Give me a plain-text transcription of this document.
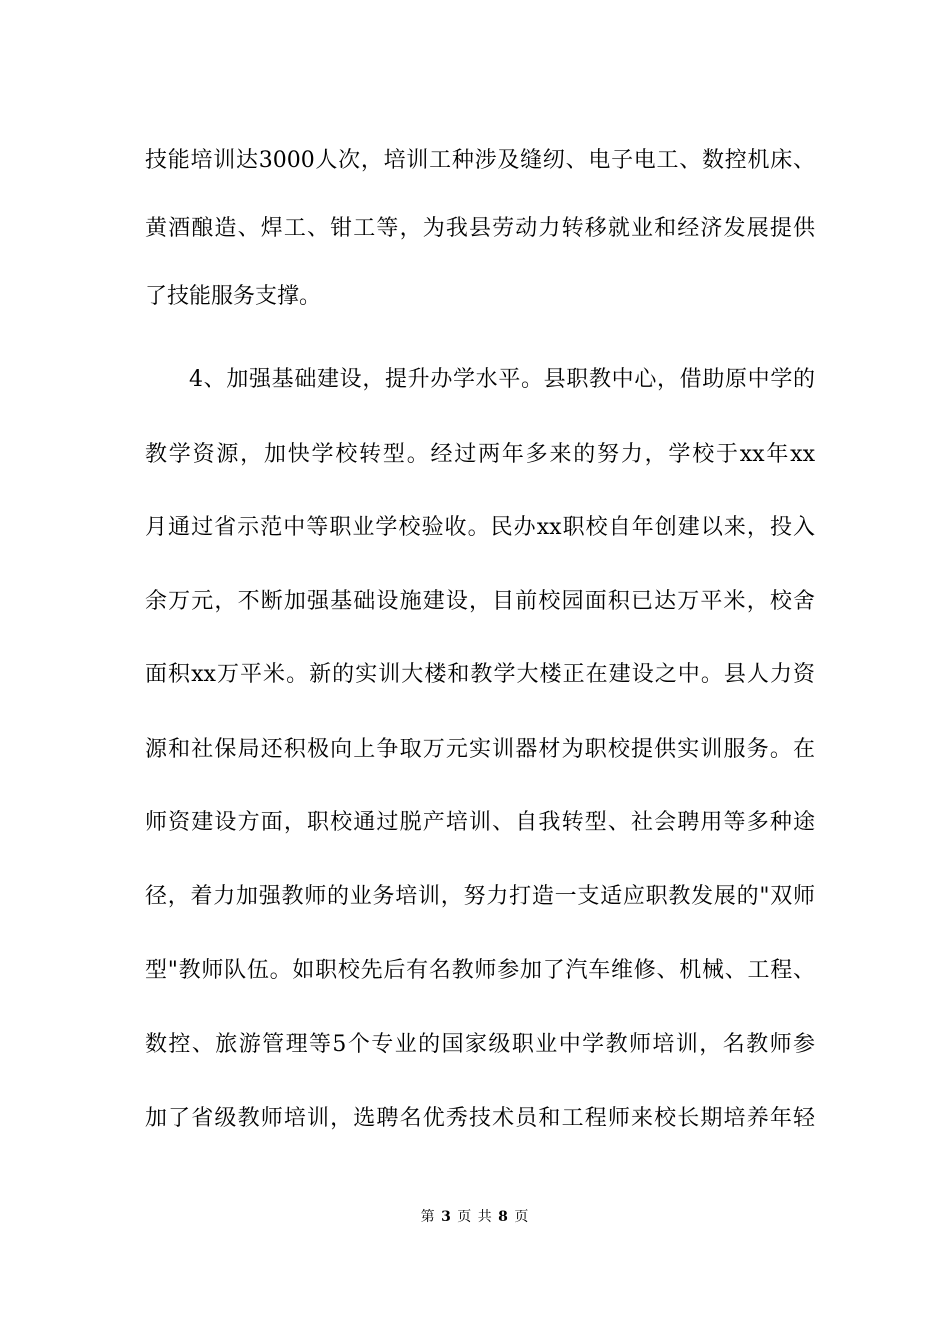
技能培训达3000人次，培训工种涉及缝纫、电子电工、数控机床、
黄酒酿造、焊工、钳工等，为我县劳动力转移就业和经济发展提供
了技能服务支撑。
4、加强基础建设，提升办学水平。县职教中心，借助原中学的
教学资源，加快学校转型。经过两年多来的努力，学校于xx年xx
月通过省示范中等职业学校验收。民办xx职校自年创建以来，投入
余万元，不断加强基础设施建设，目前校园面积已达万平米，校舍
面积xx万平米。新的实训大楼和教学大楼正在建设之中。县人力资
源和社保局还积极向上争取万元实训器材为职校提供实训服务。在
师资建设方面，职校通过脱产培训、自我转型、社会聘用等多种途
径，着力加强教师的业务培训，努力打造一支适应职教发展的"双师
型"教师队伍。如职校先后有名教师参加了汽车维修、机械、工程、
数控、旅游管理等5个专业的国家级职业中学教师培训，名教师参
加了省级教师培训，选聘名优秀技术员和工程师来校长期培养年轻
第 3 页 共 8 页
